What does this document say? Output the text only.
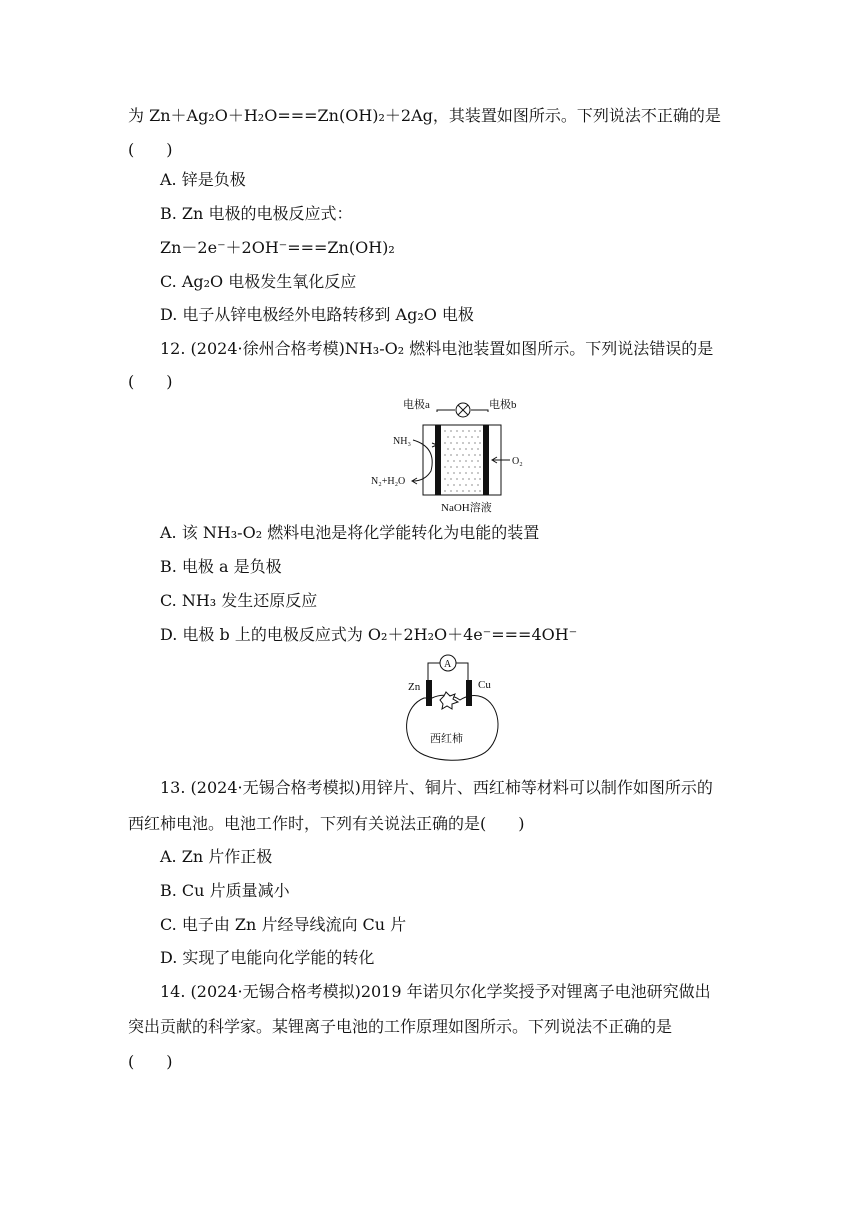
为 Zn＋Ag₂O＋H₂O===Zn(OH)₂＋2Ag，其装置如图所示。下列说法不正确的是
(　　)
A. 锌是负极
B. Zn 电极的电极反应式：
Zn－2e⁻＋2OH⁻===Zn(OH)₂
C. Ag₂O 电极发生氧化反应
D. 电子从锌电极经外电路转移到 Ag₂O 电极
12. (2024·徐州合格考模)NH₃-O₂ 燃料电池装置如图所示。下列说法错误的是
(　　)
电极a	电极b
NH₃
N₂+H₂O
O₂
NaOH溶液
A. 该 NH₃-O₂ 燃料电池是将化学能转化为电能的装置
B. 电极 a 是负极
C. NH₃ 发生还原反应
D. 电极 b 上的电极反应式为 O₂＋2H₂O＋4e⁻===4OH⁻
A
Zn	Cu
西红柿
13. (2024·无锡合格考模拟)用锌片、铜片、西红柿等材料可以制作如图所示的
西红柿电池。电池工作时，下列有关说法正确的是(　　)
A. Zn 片作正极
B. Cu 片质量减小
C. 电子由 Zn 片经导线流向 Cu 片
D. 实现了电能向化学能的转化
14. (2024·无锡合格考模拟)2019 年诺贝尔化学奖授予对锂离子电池研究做出
突出贡献的科学家。某锂离子电池的工作原理如图所示。下列说法不正确的是
(　　)
